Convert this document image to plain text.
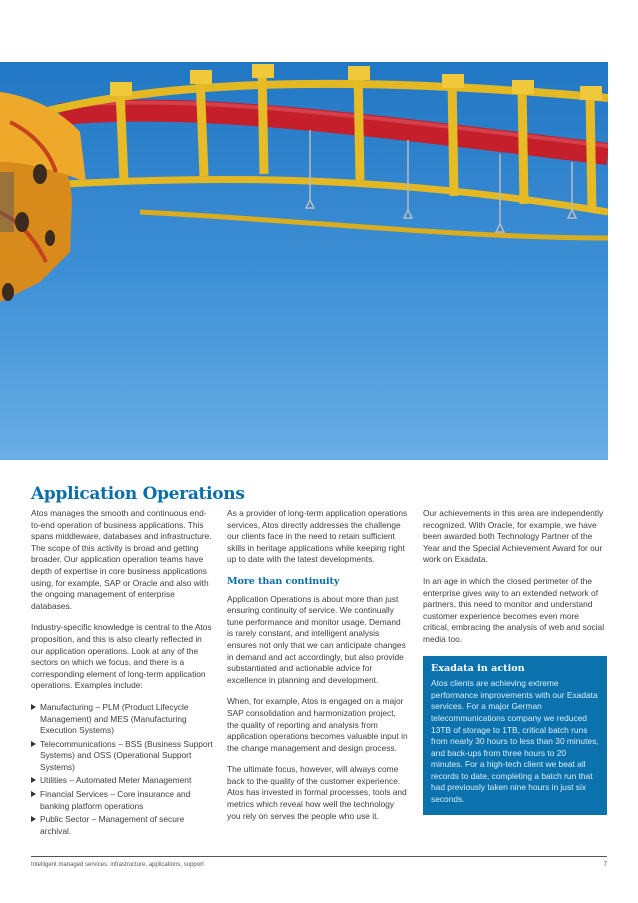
Application Operations

Atos manages the smooth and continuous end-to-end operation of business applications. This spans middleware, databases and infrastructure. The scope of this activity is broad and getting broader. Our application operation teams have depth of expertise in core business applications using, for example, SAP or Oracle and also with the ongoing management of enterprise databases.

Industry-specific knowledge is central to the Atos proposition, and this is also clearly reflected in our application operations. Look at any of the sectors on which we focus, and there is a corresponding element of long-term application operations. Examples include:

Manufacturing – PLM (Product Lifecycle Management) and MES (Manufacturing Execution Systems)
Telecommunications – BSS (Business Support Systems) and OSS (Operational Support Systems)
Utilities – Automated Meter Management
Financial Services – Core insurance and banking platform operations
Public Sector – Management of secure archival.

As a provider of long-term application operations services, Atos directly addresses the challenge our clients face in the need to retain sufficient skills in heritage applications while keeping right up to date with the latest developments.

More than continuity

Application Operations is about more than just ensuring continuity of service. We continually tune performance and monitor usage. Demand is rarely constant, and intelligent analysis ensures not only that we can anticipate changes in demand and act accordingly, but also provide substantiated and actionable advice for excellence in planning and development.

When, for example, Atos is engaged on a major SAP consolidation and harmonization project, the quality of reporting and analysis from application operations becomes valuable input in the change management and design process.

The ultimate focus, however, will always come back to the quality of the customer experience. Atos has invested in formal processes, tools and metrics which reveal how well the technology you rely on serves the people who use it.

Our achievements in this area are independently recognized. With Oracle, for example, we have been awarded both Technology Partner of the Year and the Special Achievement Award for our work on Exadata.

In an age in which the closed perimeter of the enterprise gives way to an extended network of partners, this need to monitor and understand customer experience becomes even more critical, embracing the analysis of web and social media too.

Exadata in action
Atos clients are achieving extreme performance improvements with our Exadata services. For a major German telecommunications company we reduced 13TB of storage to 1TB, critical batch runs from nearly 30 hours to less than 30 minutes, and back-ups from three hours to 20 minutes. For a high-tech client we beat all records to date, completing a batch run that had previously taken nine hours in just six seconds.
Intelligent managed services: infrastructure, applications, support	7
